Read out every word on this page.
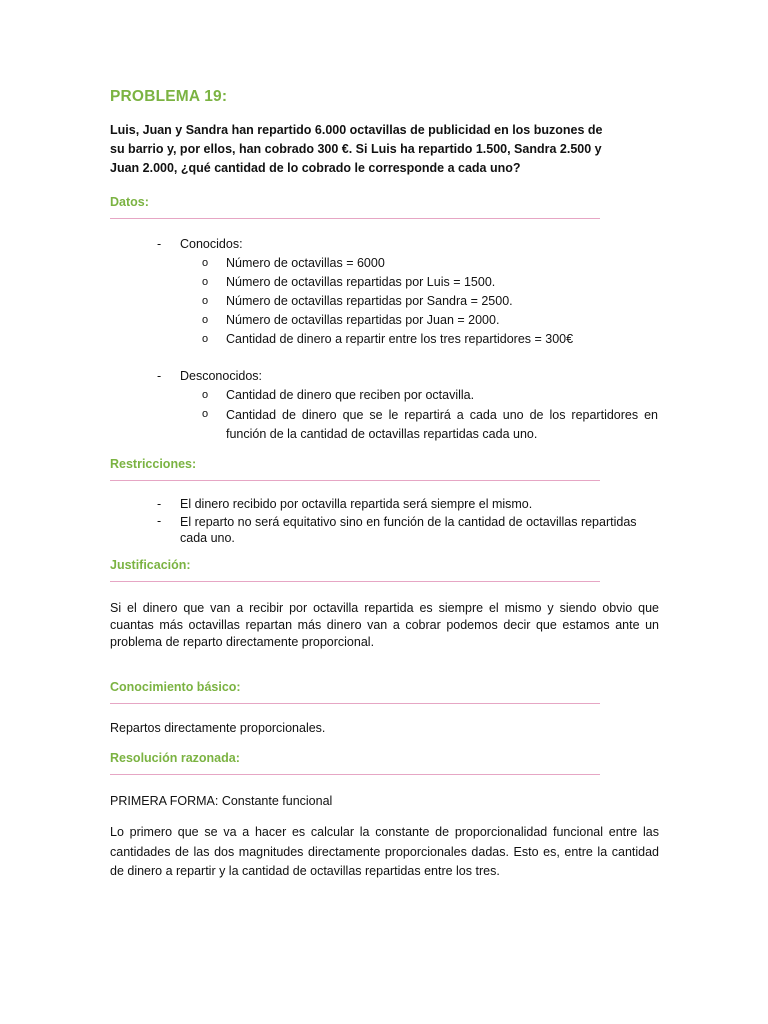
PROBLEMA 19:
Luis, Juan y Sandra han repartido 6.000 octavillas de publicidad en los buzones de su barrio y, por ellos, han cobrado 300 €. Si Luis ha repartido 1.500, Sandra 2.500 y Juan 2.000, ¿qué cantidad de lo cobrado le corresponde a cada uno?
Datos:
- Conocidos:
o Número de octavillas = 6000
o Número de octavillas repartidas por Luis = 1500.
o Número de octavillas repartidas por Sandra = 2500.
o Número de octavillas repartidas por Juan = 2000.
o Cantidad de dinero a repartir entre los tres repartidores = 300€
- Desconocidos:
o Cantidad de dinero que reciben por octavilla.
o Cantidad de dinero que se le repartirá a cada uno de los repartidores en función de la cantidad de octavillas repartidas cada uno.
Restricciones:
- El dinero recibido por octavilla repartida será siempre el mismo.
- El reparto no será equitativo sino en función de la cantidad de octavillas repartidas cada uno.
Justificación:
Si el dinero que van a recibir por octavilla repartida es siempre el mismo y siendo obvio que cuantas más octavillas repartan más dinero van a cobrar podemos decir que estamos ante un problema de reparto directamente proporcional.
Conocimiento básico:
Repartos directamente proporcionales.
Resolución razonada:
PRIMERA FORMA: Constante funcional
Lo primero que se va a hacer es calcular la constante de proporcionalidad funcional entre las cantidades de las dos magnitudes directamente proporcionales dadas. Esto es, entre la cantidad de dinero a repartir y la cantidad de octavillas repartidas entre los tres.
